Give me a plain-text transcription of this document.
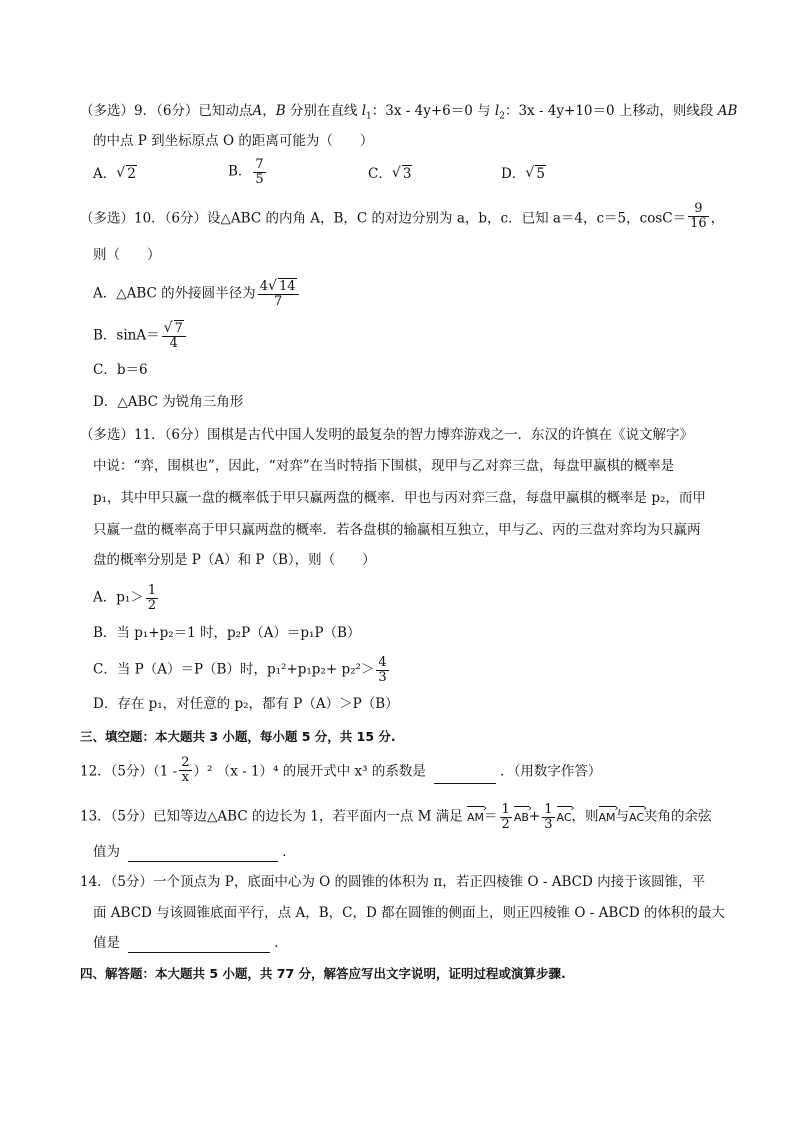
（多选）9．（6分）已知动点A，B 分别在直线 $l_1$：3x - 4y+6＝0 与 $l_2$：3x - 4y+10＝0 上移动，则线段 AB
的中点 P 到坐标原点 O 的距离可能为（　　）
A． √ 2	B． $\frac{7}{5}$	C． √ 3	D． √ 5
（多选）10．（6分）设△ABC 的内角 A，B，C 的对边分别为 a，b，c．已知 a＝4，c＝5，$\cos C= \frac{9}{16}$ ，
则（　　）
A．△ABC 的外接圆半径为 $\frac{4 √ 14}{7}$
B．sinA＝ √ $\frac{7}{4}$
C．b＝6
D．△ABC 为锐角三角形
（多选）11．（6分）围棋是古代中国人发明的最复杂的智力博弈游戏之一．东汉的许慎在《说文解字》
中说：“弈，围棋也”，因此，“对弈”在当时特指下围棋，现甲与乙对弈三盘，每盘甲赢棋的概率是
p₁，其中甲只赢一盘的概率低于甲只赢两盘的概率．甲也与丙对弈三盘，每盘甲赢棋的概率是 p₂，而甲
只赢一盘的概率高于甲只赢两盘的概率．若各盘棋的输赢相互独立，甲与乙、丙的三盘对弈均为只赢两
盘的概率分别是 P（A）和 P（B），则（　　）
A．$p_1> \frac{1}{2}$
B．当 p₁+p₂＝1 时，p₂P（A）＝p₁P（B）
C．当 P（A）＝P（B）时，$p_1^2+p_1p_2+ p_2^2> \frac{4}{3}$
D．存在 p₁，对任意的 p₂，都有 P（A）＞P（B）
三、填空题：本大题共 3 小题，每小题 5 分，共 15 分.
12．（5分）$(1 - \frac{2}{x} )^2$ （x - 1）⁴ 的展开式中 x³ 的系数是	．（用数字作答）
13．（5分）已知等边△ABC 的边长为 1，若平面内一点 M 满足 AM ›＝ $\frac{1}{2}$ AB ›+ $\frac{1}{3}$ AC ›，则AM ›与AC ›夹角的余弦
值为	．
14．（5分）一个顶点为 P，底面中心为 O 的圆锥的体积为 π，若正四棱锥 O - ABCD 内接于该圆锥，平
面 ABCD 与该圆锥底面平行，点 A，B，C，D 都在圆锥的侧面上，则正四棱锥 O - ABCD 的体积的最大
值是	．
四、解答题：本大题共 5 小题，共 77 分，解答应写出文字说明，证明过程或演算步骤.
